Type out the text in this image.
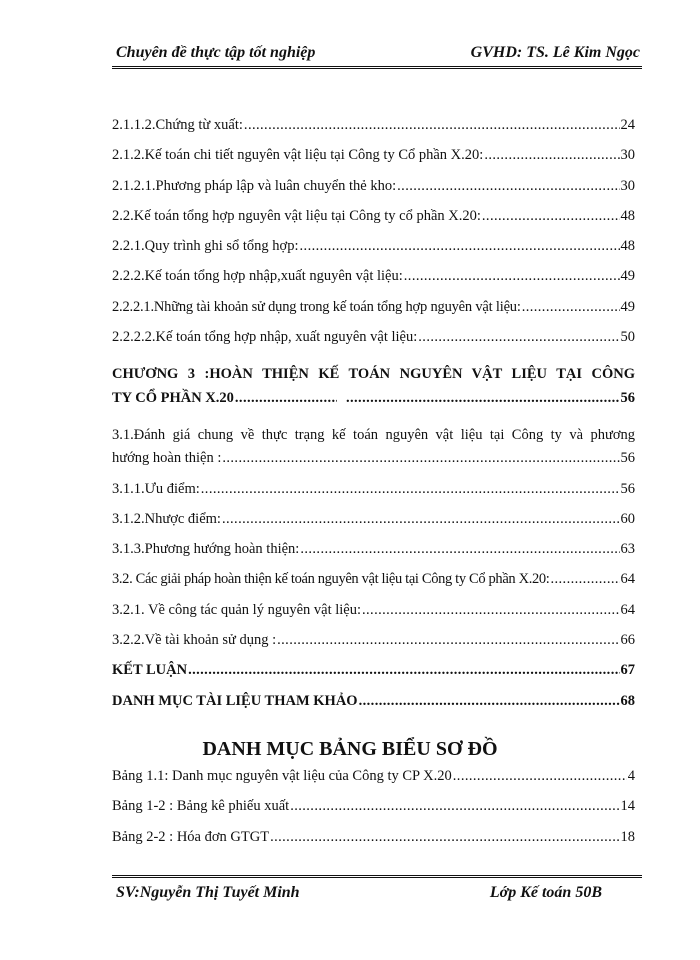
Chuyên đề thực tập tốt nghiệp	GVHD: TS. Lê Kim Ngọc
2.1.1.2.Chứng từ xuất: .....	24
2.1.2.Kế toán chi tiết nguyên vật liệu tại Công ty Cổ phần X.20: .....	30
2.1.2.1.Phương pháp lập và luân chuyển thẻ kho: .....	30
2.2.Kế toán tổng hợp nguyên vật liệu tại Công ty cổ phần X.20: .....	48
2.2.1.Quy trình ghi sổ tổng hợp: .....	48
2.2.2.Kế toán tổng hợp nhập,xuất nguyên vật liệu: .....	49
2.2.2.1.Những tài khoản sử dụng trong kế toán tổng hợp nguyên vật liệu: .....	49
2.2.2.2.Kế toán tổng hợp nhập, xuất nguyên vật liệu: .....	50
CHƯƠNG 3 :HOÀN THIỆN KẾ TOÁN NGUYÊN VẬT LIỆU TẠI CÔNG
TY CỔ PHẦN X.20 ..... .....	56
3.1.Đánh giá chung về thực trạng kế toán nguyên vật liệu tại Công ty và phương
hướng hoàn thiện : .....	56
3.1.1.Ưu điểm: .....	56
3.1.2.Nhược điểm: .....	60
3.1.3.Phương hướng hoàn thiện: .....	63
3.2. Các giải pháp hoàn thiện kế toán nguyên vật liệu tại Công ty Cổ phần X.20: .....	64
3.2.1. Về công tác quản lý nguyên vật liệu: .....	64
3.2.2.Về tài khoản sử dụng : .....	66
KẾT LUẬN .....	67
DANH MỤC TÀI LIỆU THAM KHẢO .....	68
DANH MỤC BẢNG BIỂU SƠ ĐỒ
Bảng 1.1: Danh mục nguyên vật liệu của Công ty CP X.20 .....	4
Bảng 1-2 : Bảng kê phiếu xuất .....	14
Bảng 2-2 : Hóa đơn GTGT .....	18
SV:Nguyễn Thị Tuyết Minh	Lớp Kế toán 50B
